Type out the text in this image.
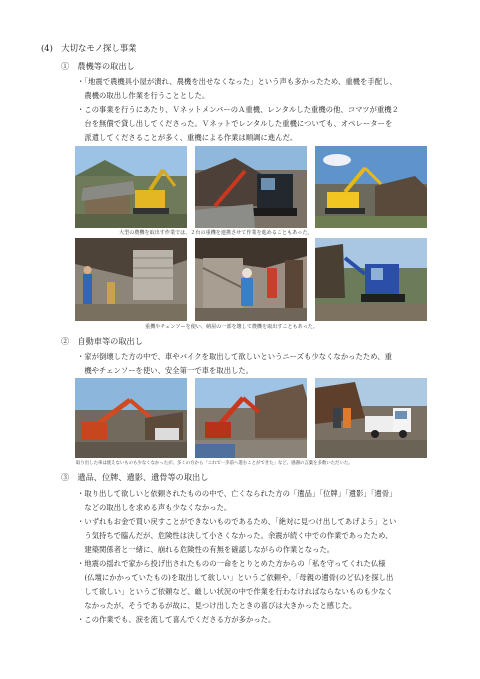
(4)　大切なモノ探し事業
①　農機等の取出し
・「地震で農機具小屋が潰れ、農機を出せなくなった」という声も多かったため、重機を手配し、
　農機の取出し作業を行うこととした。
・この事業を行うにあたり、ＶネットメンバーのＡ重機、レンタルした重機の他、コマツが重機２
　台を無償で貸し出してくださった。Ｖネットでレンタルした重機についても、オペレーターを
　派遣してくださることが多く、重機による作業は順調に進んだ。
大型の農機を取出す作業では、２台の重機を連携させて作業を進めることもあった。
重機やチェンソーを使い、納屋の一部を壊して農機を取出すこともあった。
②　自動車等の取出し
・家が倒壊した方の中で、車やバイクを取出して欲しいというニーズも少なくなかったため、重
　機やチェンソーを使い、安全第一で車を取出した。
取り出した車は使えないものも少なくなかったが、多くの方から「これで一歩前へ進むことができた」など、感謝の言葉を多数いただいた。
③　遺品、位牌、遺影、遺骨等の取出し
・取り出して欲しいと依頼されたものの中で、亡くなられた方の「遺品」「位牌」「遺影」「遺骨」
　などの取出しを求める声も少なくなかった。
・いずれもお金で買い戻すことができないものであるため、「絶対に見つけ出してあげよう」とい
　う気持ちで臨んだが、危険性は決して小さくなかった。余震が続く中での作業であったため、
　建築関係者と一緒に、崩れる危険性の有無を確認しながらの作業となった。
・地震の揺れで家から投げ出されたものの一命をとりとめた方からの「私を守ってくれた仏様
　(仏壇にかかっていたもの)を取出して欲しい」というご依頼や、「母親の遺骨(のど仏)を探し出
　して欲しい」というご依頼など、厳しい状況の中で作業を行わなければならないものも少なく
　なかったが、そうであるが故に、見つけ出したときの喜びは大きかったと感じた。
・この作業でも、涙を流して喜んでくださる方が多かった。
